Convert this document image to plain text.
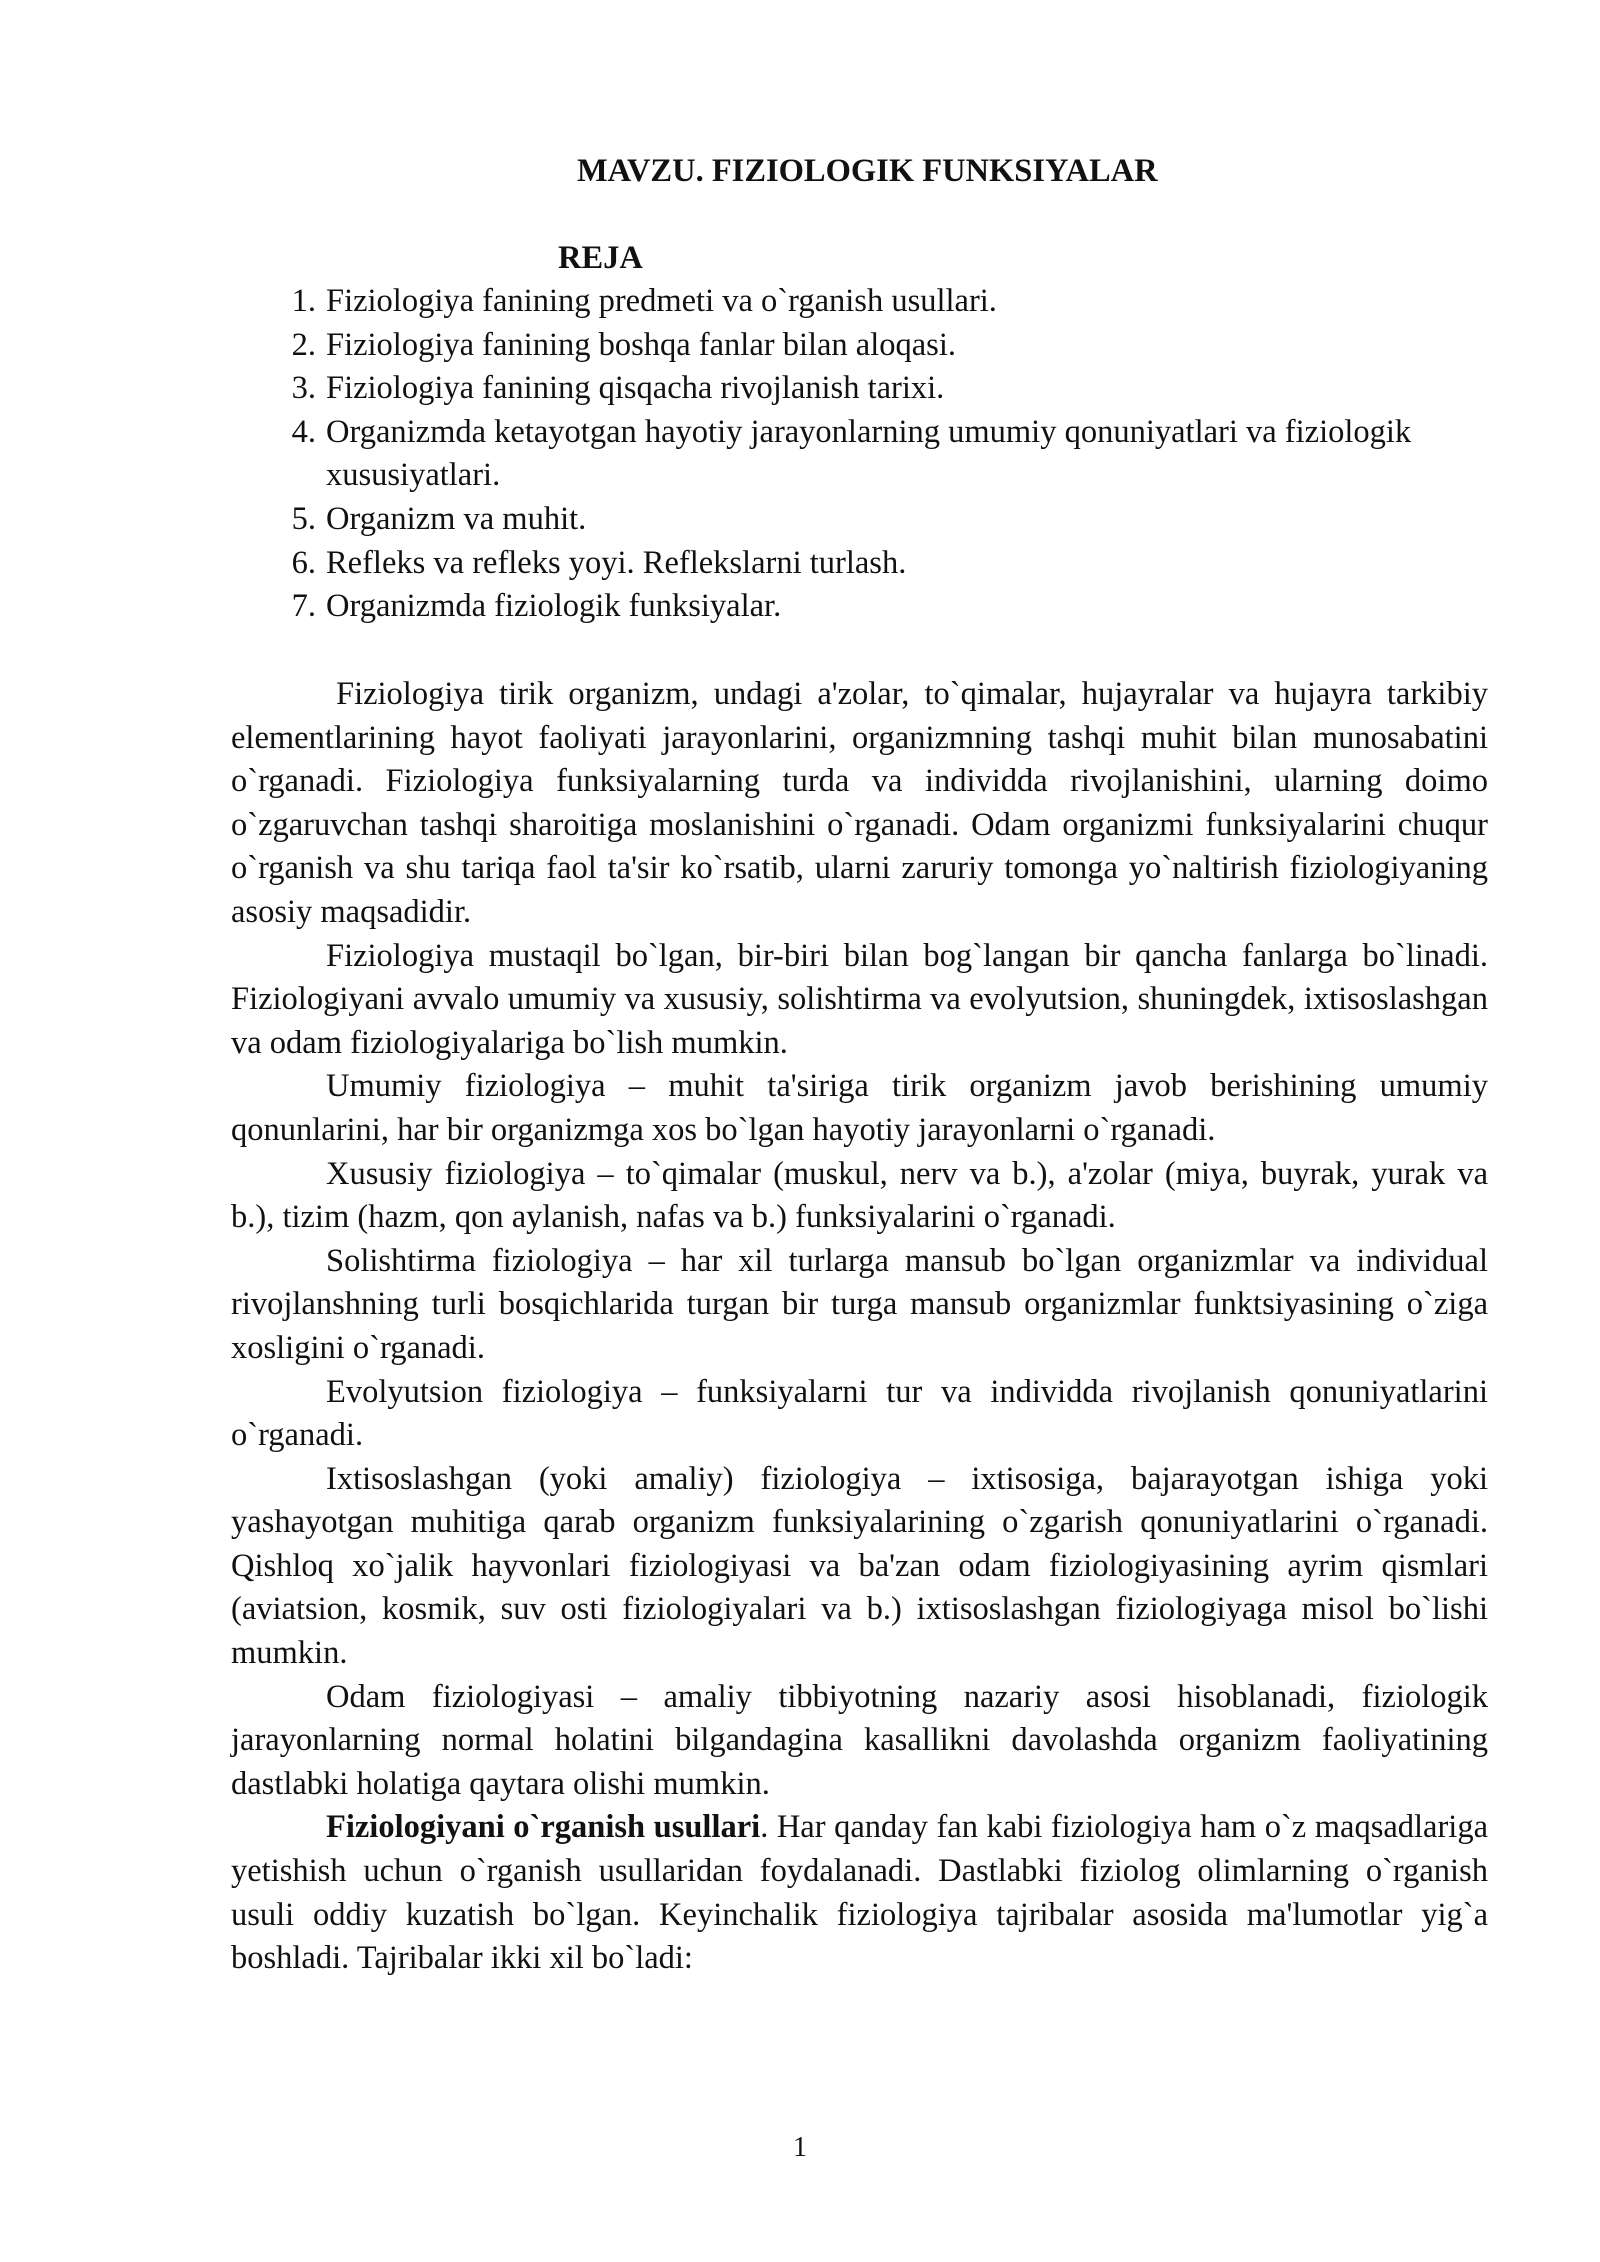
MAVZU. FIZIOLOGIK FUNKSIYALAR
REJA
1. Fiziologiya fanining predmeti va o`rganish usullari.
2. Fiziologiya fanining boshqa fanlar bilan aloqasi.
3. Fiziologiya fanining qisqacha rivojlanish tarixi.
4. Organizmda ketayotgan hayotiy jarayonlarning umumiy qonuniyatlari va fiziologik xususiyatlari.
5. Organizm va muhit.
6. Refleks va refleks yoyi. Reflekslarni turlash.
7. Organizmda fiziologik funksiyalar.

Fiziologiya tirik organizm, undagi a'zolar, to`qimalar, hujayralar va hujayra tarkibiy elementlarining hayot faoliyati jarayonlarini, organizmning tashqi muhit bilan munosabatini o`rganadi. Fiziologiya funksiyalarning turda va individda rivojlanishini, ularning doimo o`zgaruvchan tashqi sharoitiga moslanishini o`rganadi. Odam organizmi funksiyalarini chuqur o`rganish va shu tariqa faol ta'sir ko`rsatib, ularni zaruriy tomonga yo`naltirish fiziologiyaning asosiy maqsadidir.

Fiziologiya mustaqil bo`lgan, bir-biri bilan bog`langan bir qancha fanlarga bo`linadi. Fiziologiyani avvalo umumiy va xususiy, solishtirma va evolyutsion, shuningdek, ixtisoslashgan va odam fiziologiyalariga bo`lish mumkin.

Umumiy fiziologiya – muhit ta'siriga tirik organizm javob berishining umumiy qonunlarini, har bir organizmga xos bo`lgan hayotiy jarayonlarni o`rganadi.

Xususiy fiziologiya – to`qimalar (muskul, nerv va b.), a'zolar (miya, buyrak, yurak va b.), tizim (hazm, qon aylanish, nafas va b.) funksiyalarini o`rganadi.

Solishtirma fiziologiya – har xil turlarga mansub bo`lgan organizmlar va individual rivojlanshning turli bosqichlarida turgan bir turga mansub organizmlar funktsiyasining o`ziga xosligini o`rganadi.

Evolyutsion fiziologiya – funksiyalarni tur va individda rivojlanish qonuniyatlarini o`rganadi.

Ixtisoslashgan (yoki amaliy) fiziologiya – ixtisosiga, bajarayotgan ishiga yoki yashayotgan muhitiga qarab organizm funksiyalarining o`zgarish qonuniyatlarini o`rganadi. Qishloq xo`jalik hayvonlari fiziologiyasi va ba'zan odam fiziologiyasining ayrim qismlari (aviatsion, kosmik, suv osti fiziologiyalari va b.) ixtisoslashgan fiziologiyaga misol bo`lishi mumkin.

Odam fiziologiyasi – amaliy tibbiyotning nazariy asosi hisoblanadi, fiziologik jarayonlarning normal holatini bilgandagina kasallikni davolashda organizm faoliyatining dastlabki holatiga qaytara olishi mumkin.

Fiziologiyani o`rganish usullari. Har qanday fan kabi fiziologiya ham o`z maqsadlariga yetishish uchun o`rganish usullaridan foydalanadi. Dastlabki fiziolog olimlarning o`rganish usuli oddiy kuzatish bo`lgan. Keyinchalik fiziologiya tajribalar asosida ma'lumotlar yig`a boshladi. Tajribalar ikki xil bo`ladi:

1
